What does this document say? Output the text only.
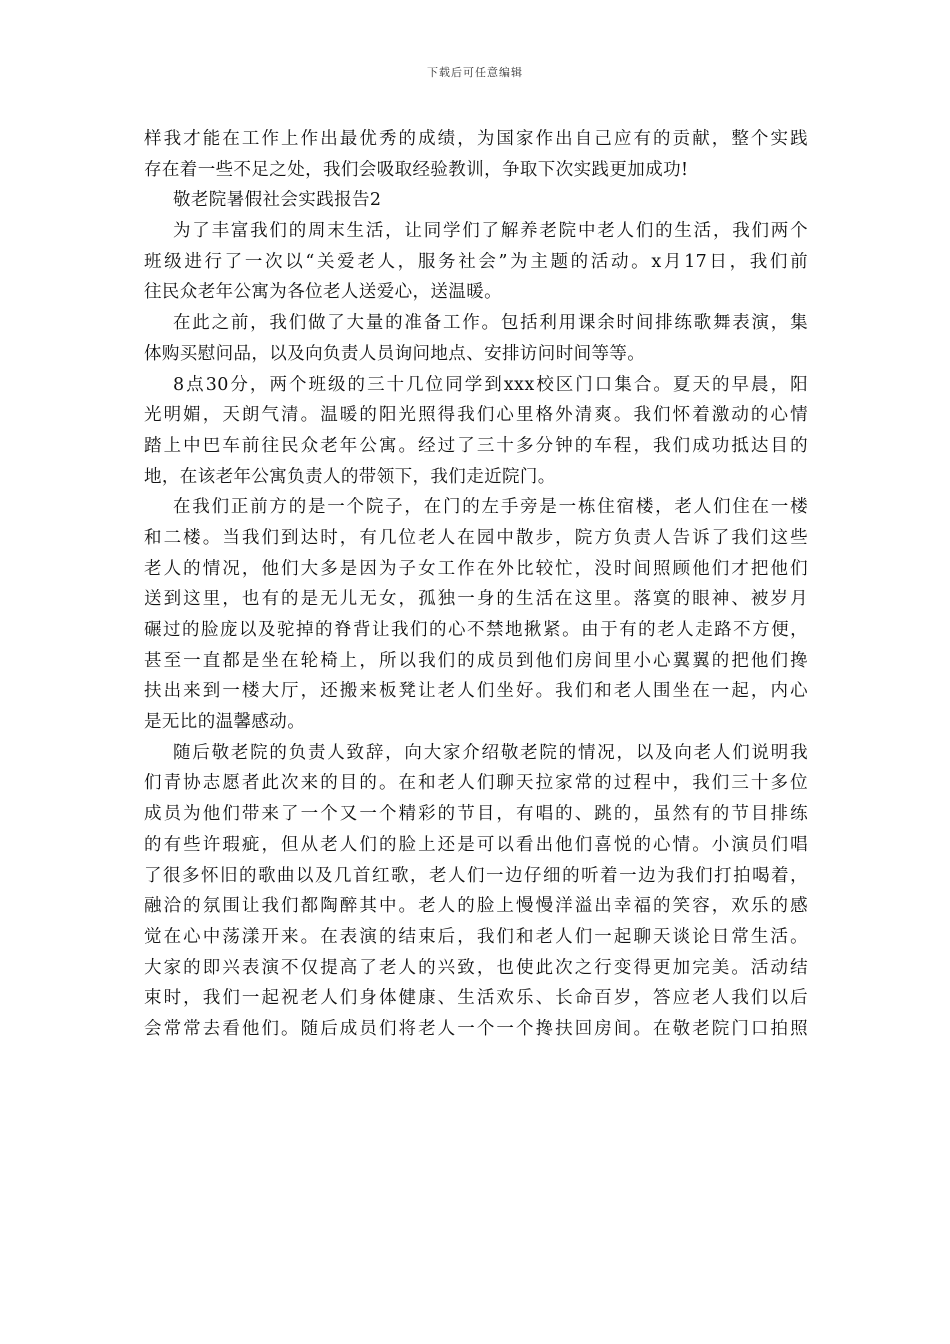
下载后可任意编辑
样我才能在工作上作出最优秀的成绩，为国家作出自己应有的贡献，整个实践
存在着一些不足之处，我们会吸取经验教训，争取下次实践更加成功!
敬老院暑假社会实践报告2
为了丰富我们的周末生活，让同学们了解养老院中老人们的生活，我们两个
班级进行了一次以“关爱老人，服务社会”为主题的活动。x月17日，我们前
往民众老年公寓为各位老人送爱心，送温暖。
在此之前，我们做了大量的准备工作。包括利用课余时间排练歌舞表演，集
体购买慰问品，以及向负责人员询问地点、安排访问时间等等。
8点30分，两个班级的三十几位同学到xxx校区门口集合。夏天的早晨，阳
光明媚，天朗气清。温暖的阳光照得我们心里格外清爽。我们怀着激动的心情
踏上中巴车前往民众老年公寓。经过了三十多分钟的车程，我们成功抵达目的
地，在该老年公寓负责人的带领下，我们走近院门。
在我们正前方的是一个院子，在门的左手旁是一栋住宿楼，老人们住在一楼
和二楼。当我们到达时，有几位老人在园中散步，院方负责人告诉了我们这些
老人的情况，他们大多是因为子女工作在外比较忙，没时间照顾他们才把他们
送到这里，也有的是无儿无女，孤独一身的生活在这里。落寞的眼神、被岁月
碾过的脸庞以及驼掉的脊背让我们的心不禁地揪紧。由于有的老人走路不方便，
甚至一直都是坐在轮椅上，所以我们的成员到他们房间里小心翼翼的把他们搀
扶出来到一楼大厅，还搬来板凳让老人们坐好。我们和老人围坐在一起，内心
是无比的温馨感动。
随后敬老院的负责人致辞，向大家介绍敬老院的情况，以及向老人们说明我
们青协志愿者此次来的目的。在和老人们聊天拉家常的过程中，我们三十多位
成员为他们带来了一个又一个精彩的节目，有唱的、跳的，虽然有的节目排练
的有些许瑕疵，但从老人们的脸上还是可以看出他们喜悦的心情。小演员们唱
了很多怀旧的歌曲以及几首红歌，老人们一边仔细的听着一边为我们打拍喝着，
融洽的氛围让我们都陶醉其中。老人的脸上慢慢洋溢出幸福的笑容，欢乐的感
觉在心中荡漾开来。在表演的结束后，我们和老人们一起聊天谈论日常生活。
大家的即兴表演不仅提高了老人的兴致，也使此次之行变得更加完美。活动结
束时，我们一起祝老人们身体健康、生活欢乐、长命百岁，答应老人我们以后
会常常去看他们。随后成员们将老人一个一个搀扶回房间。在敬老院门口拍照
